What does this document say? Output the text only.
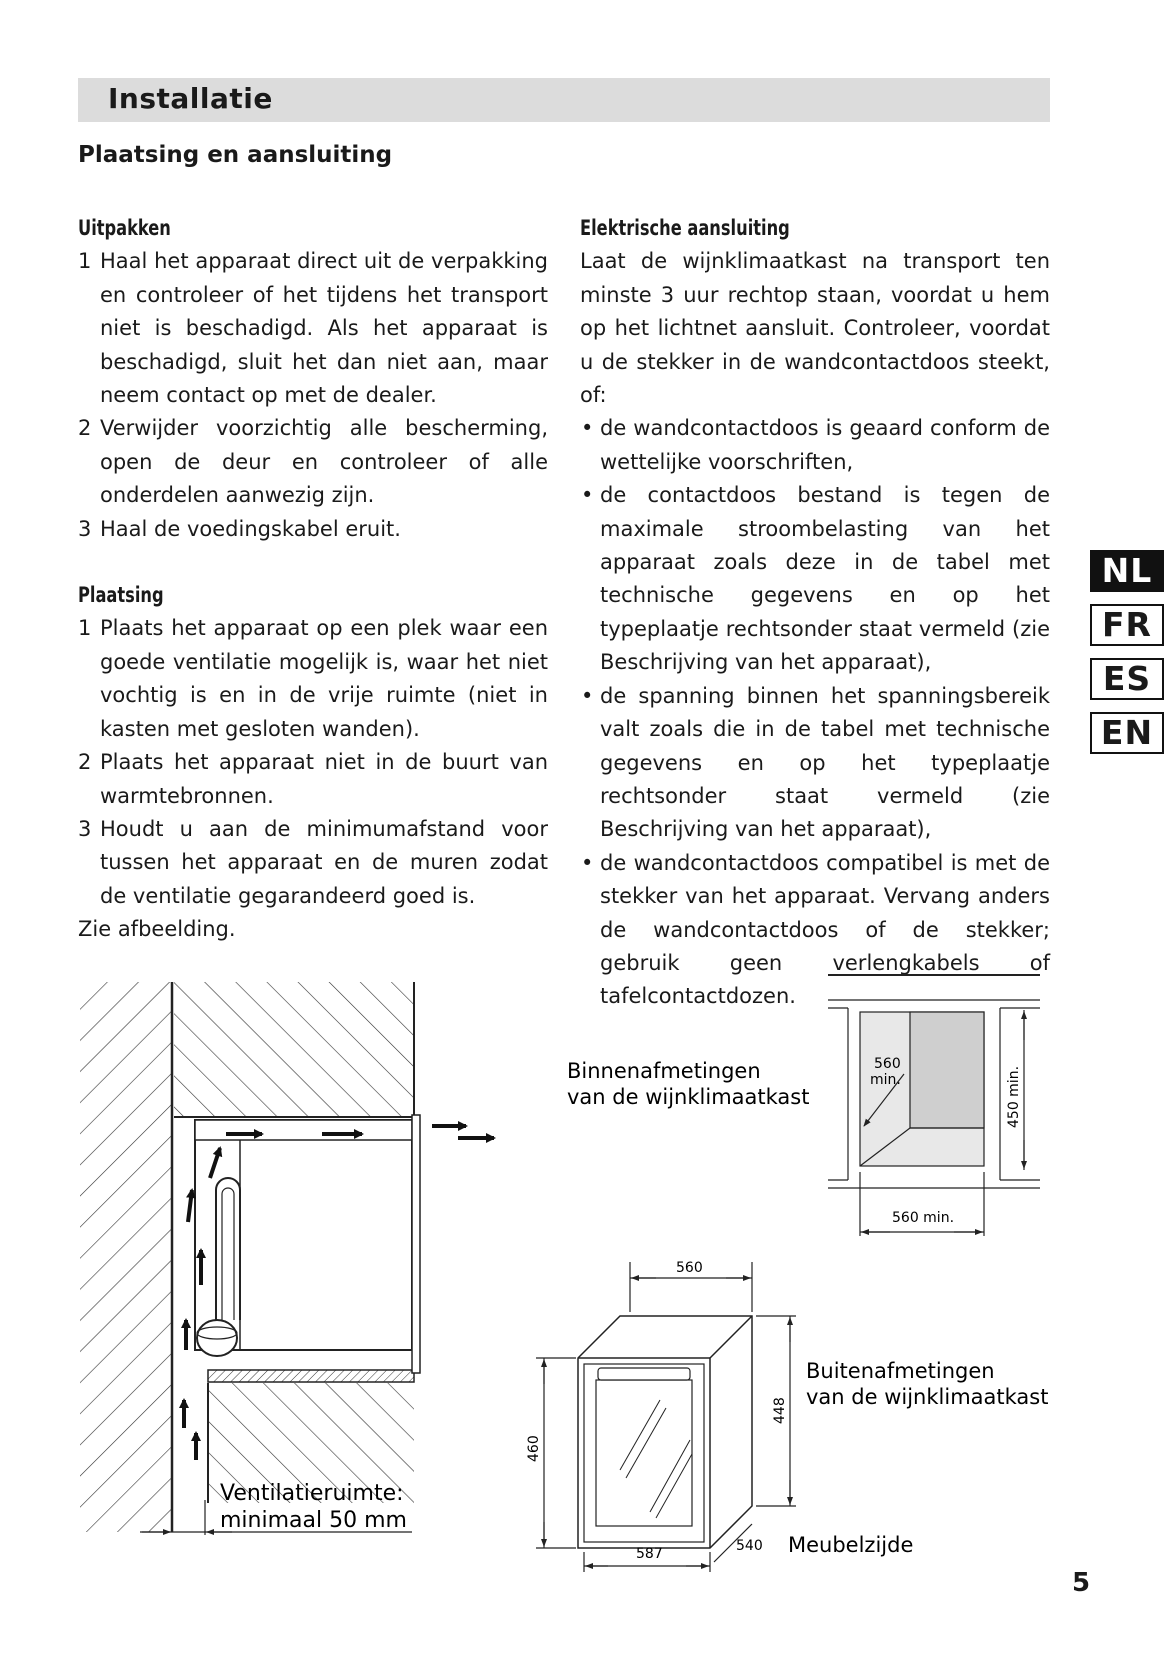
Installatie
Plaatsing en aansluiting
Uitpakken
1 Haal het apparaat direct uit de verpakking en controleer of het tijdens het transport niet is beschadigd. Als het apparaat is beschadigd, sluit het dan niet aan, maar neem contact op met de dealer.
2 Verwijder voorzichtig alle bescherming, open de deur en controleer of alle onderdelen aanwezig zijn.
3 Haal de voedingskabel eruit.
Plaatsing
1 Plaats het apparaat op een plek waar een goede ventilatie mogelijk is, waar het niet vochtig is en in de vrije ruimte (niet in kasten met gesloten wanden).
2 Plaats het apparaat niet in de buurt van warmtebronnen.
3 Houdt u aan de minimumafstand voor tussen het apparaat en de muren zodat de ventilatie gegarandeerd goed is.
Zie afbeelding.
Elektrische aansluiting
Laat de wijnklimaatkast na transport ten minste 3 uur rechtop staan, voordat u hem op het lichtnet aansluit. Controleer, voordat u de stekker in de wandcontactdoos steekt, of:
• de wandcontactdoos is geaard conform de wettelijke voorschriften,
• de contactdoos bestand is tegen de maximale stroombelasting van het apparaat zoals deze in de tabel met technische gegevens en op het typeplaatje rechtsonder staat vermeld (zie Beschrijving van het apparaat),
• de spanning binnen het spanningsbereik valt zoals die in de tabel met technische gegevens en op het typeplaatje rechtsonder staat vermeld (zie Beschrijving van het apparaat),
• de wandcontactdoos compatibel is met de stekker van het apparaat. Vervang anders de wandcontactdoos of de stekker; gebruik geen verlengkabels of tafelcontactdozen.
NL
FR
ES
EN
Ventilatieruimte:
minimaal 50 mm
Binnenafmetingen
van de wijnklimaatkast
560
min.	450 min.
560 min.
560
448
460
587	540
Buitenafmetingen
van de wijnklimaatkast
Meubelzijde
5
